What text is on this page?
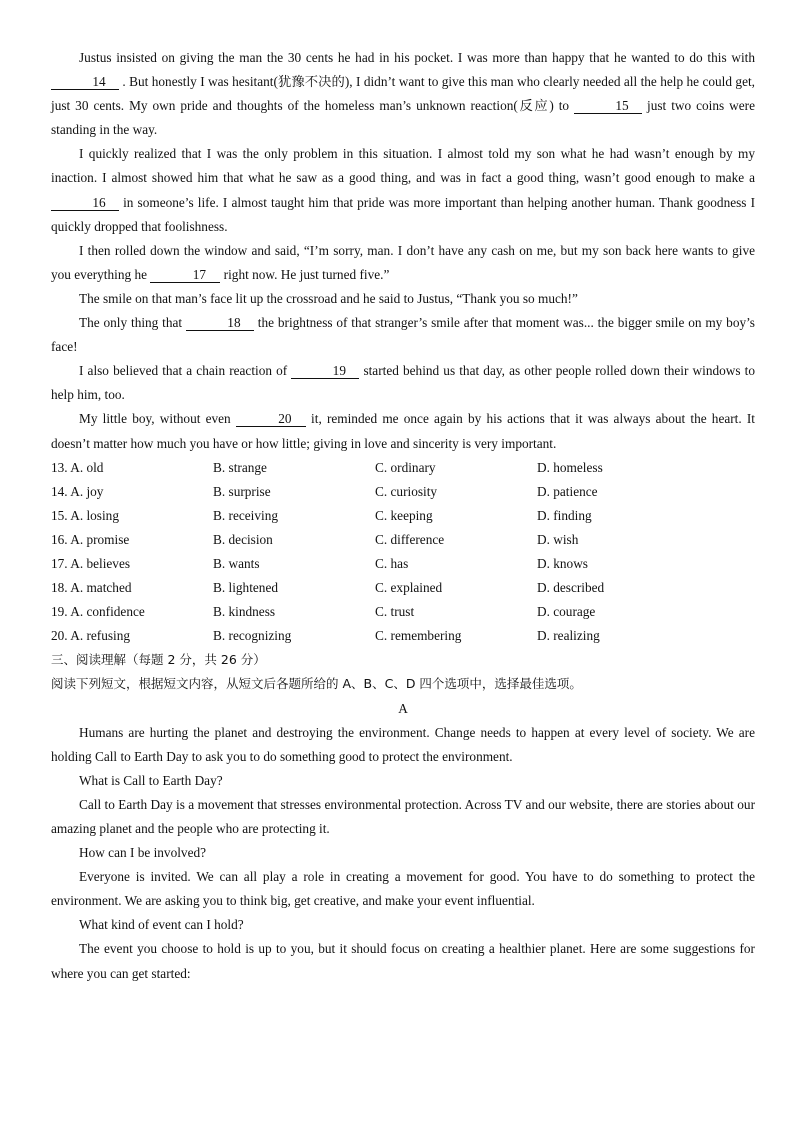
Justus insisted on giving the man the 30 cents he had in his pocket. I was more than happy that he wanted to do this with 14 . But honestly I was hesitant(犹豫不决的), I didn’t want to give this man who clearly needed all the help he could get, just 30 cents. My own pride and thoughts of the homeless man’s unknown reaction(反应) to	15 just two coins were standing in the way.

I quickly realized that I was the only problem in this situation. I almost told my son what he had wasn’t enough by my inaction. I almost showed him that what he saw as a good thing, and was in fact a good thing, wasn’t good enough to make a 16 in someone’s life. I almost taught him that pride was more important than helping another human. Thank goodness I quickly dropped that foolishness.

I then rolled down the window and said, “I’m sorry, man. I don’t have any cash on me, but my son back here wants to give you everything he	17 right now. He just turned five.”

The smile on that man’s face lit up the crossroad and he said to Justus, “Thank you so much!”

The only thing that	18 the brightness of that stranger’s smile after that moment was... the bigger smile on my boy’s face!

I also believed that a chain reaction of	19 started behind us that day, as other people rolled down their windows to help him, too.

My little boy, without even	20 it, reminded me once again by his actions that it was always about the heart. It doesn’t matter how much you have or how little; giving in love and sincerity is very important.

13. A. old	B. strange	C. ordinary	D. homeless
14. A. joy	B. surprise	C. curiosity	D. patience
15. A. losing	B. receiving	C. keeping	D. finding
16. A. promise	B. decision	C. difference	D. wish
17. A. believes	B. wants	C. has	D. knows
18. A. matched	B. lightened	C. explained	D. described
19. A. confidence	B. kindness	C. trust	D. courage
20. A. refusing	B. recognizing	C. remembering	D. realizing

三、阅读理解（每题 2 分，共 26 分）

阅读下列短文，根据短文内容，从短文后各题所给的 A、B、C、D 四个选项中，选择最佳选项。

A

Humans are hurting the planet and destroying the environment. Change needs to happen at every level of society. We are holding Call to Earth Day to ask you to do something good to protect the environment.

What is Call to Earth Day?

Call to Earth Day is a movement that stresses environmental protection. Across TV and our website, there are stories about our amazing planet and the people who are protecting it.

How can I be involved?

Everyone is invited. We can all play a role in creating a movement for good. You have to do something to protect the environment. We are asking you to think big, get creative, and make your event influential.

What kind of event can I hold?

The event you choose to hold is up to you, but it should focus on creating a healthier planet. Here are some suggestions for where you can get started:
